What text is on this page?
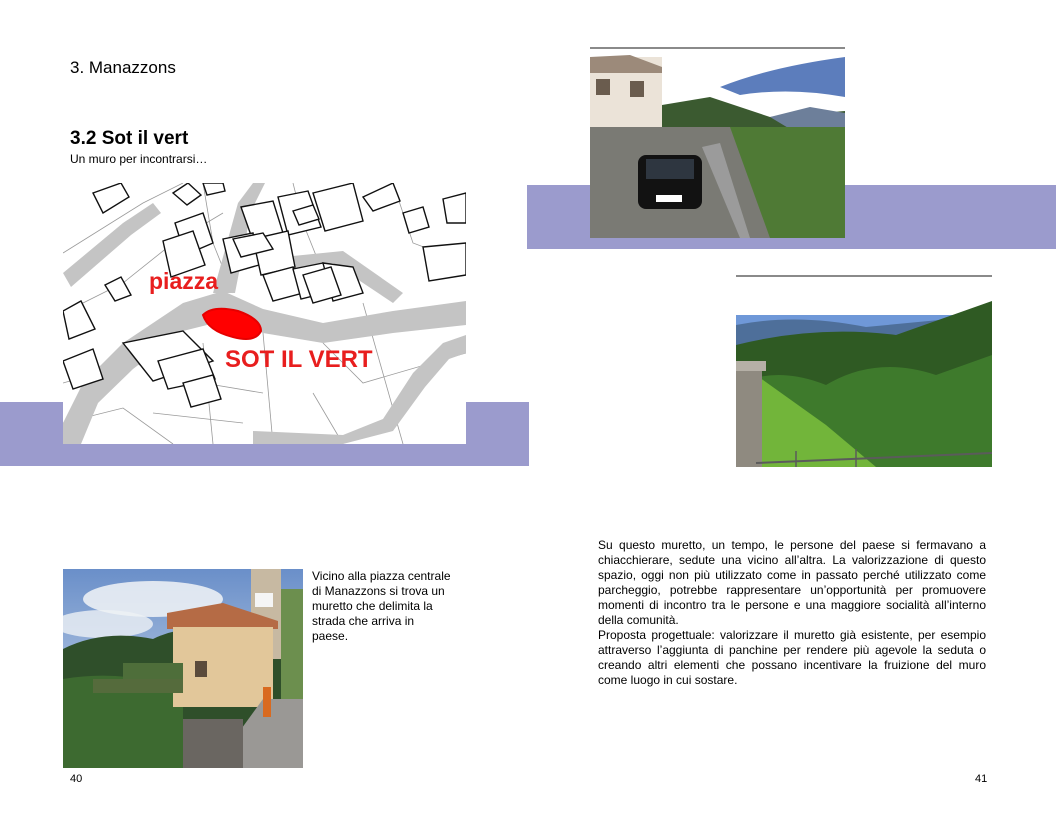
3. Manazzons
3.2 Sot il vert
Un muro per incontrarsi…
piazza
SOT IL VERT
Vicino alla piazza centrale di Manazzons si trova un muretto che delimita la strada che arriva in paese.
40

Su questo muretto, un tempo, le persone del paese si fermavano a chiacchierare, sedute una vicino all’altra. La valorizzazione di questo spazio, oggi non più utilizzato come in passato perché utilizzato come parcheggio, potrebbe rappresentare un’opportunità per promuovere momenti di incontro tra le persone e una maggiore socialità all’interno della comunità.

Proposta progettuale: valorizzare il muretto già esistente, per esempio attraverso l’aggiunta di panchine per rendere più agevole la seduta o creando altri elementi che possano incentivare la fruizione del muro come luogo in cui sostare.

41
